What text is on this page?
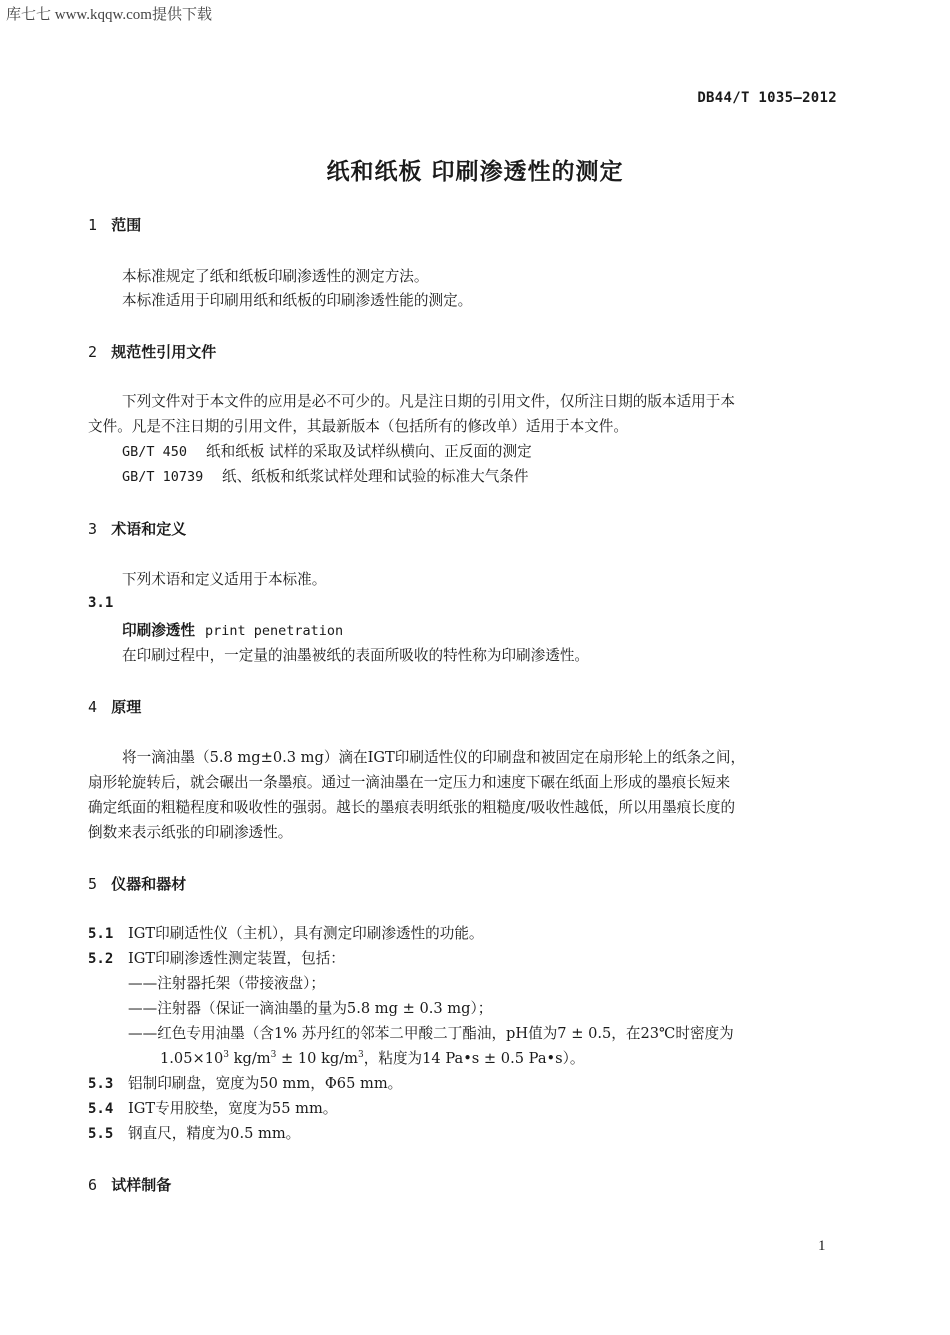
库七七 www.kqqw.com提供下载
DB44/T 1035—2012
纸和纸板 印刷渗透性的测定
1 范围
本标准规定了纸和纸板印刷渗透性的测定方法。
本标准适用于印刷用纸和纸板的印刷渗透性能的测定。
2 规范性引用文件
下列文件对于本文件的应用是必不可少的。凡是注日期的引用文件，仅所注日期的版本适用于本
文件。凡是不注日期的引用文件，其最新版本（包括所有的修改单）适用于本文件。
GB/T 450 纸和纸板 试样的采取及试样纵横向、正反面的测定
GB/T 10739 纸、纸板和纸浆试样处理和试验的标准大气条件
3 术语和定义
下列术语和定义适用于本标准。
3.1
印刷渗透性 print penetration
在印刷过程中，一定量的油墨被纸的表面所吸收的特性称为印刷渗透性。
4 原理
将一滴油墨（5.8 mg±0.3 mg）滴在IGT印刷适性仪的印刷盘和被固定在扇形轮上的纸条之间，
扇形轮旋转后，就会碾出一条墨痕。通过一滴油墨在一定压力和速度下碾在纸面上形成的墨痕长短来
确定纸面的粗糙程度和吸收性的强弱。越长的墨痕表明纸张的粗糙度/吸收性越低，所以用墨痕长度的
倒数来表示纸张的印刷渗透性。
5 仪器和器材
5.1 IGT印刷适性仪（主机），具有测定印刷渗透性的功能。
5.2 IGT印刷渗透性测定装置，包括：
——注射器托架（带接液盘）；
——注射器（保证一滴油墨的量为5.8 mg ± 0.3 mg）；
——红色专用油墨（含1% 苏丹红的邻苯二甲酸二丁酯油，pH值为7 ± 0.5，在23℃时密度为
$1.05\times 10^3$ $kg/m^3 \pm 10$ $kg/m^3$，粘度为14 Pa•s ± 0.5 Pa•s）。
5.3 铝制印刷盘，宽度为50 mm，Φ65 mm。
5.4 IGT专用胶垫，宽度为55 mm。
5.5 钢直尺，精度为0.5 mm。
6 试样制备
1
